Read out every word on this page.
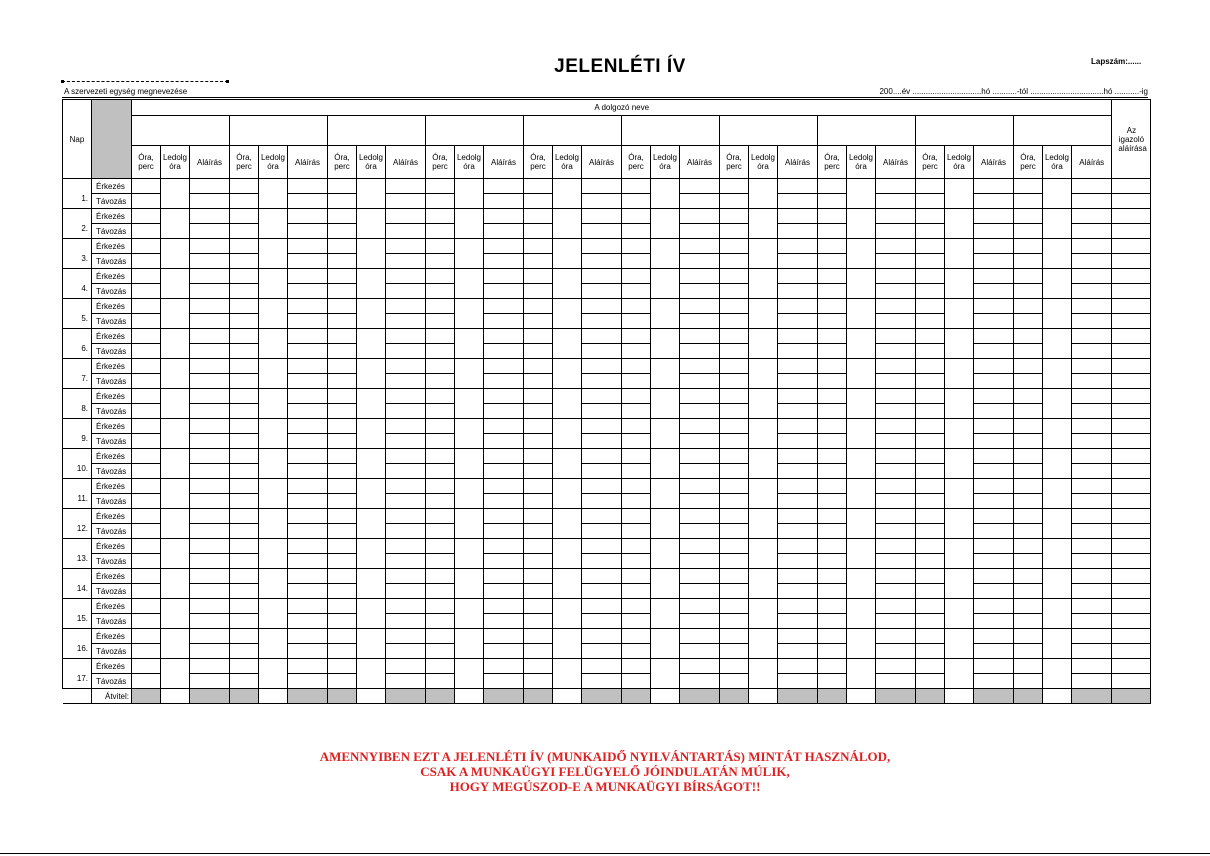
JELENLÉTI ÍV	Lapszám:......
A szervezeti egység megnevezése	200....év ...............................hó ...........-tól .................................hó ...........-ig
Nap		A dolgozó neve																														Az igazoló aláírása

		Óra, perc	Ledolg óra	Aláírás	Óra, perc	Ledolg óra	Aláírás	Óra, perc	Ledolg óra	Aláírás	Óra, perc	Ledolg óra	Aláírás	Óra, perc	Ledolg óra	Aláírás	Óra, perc	Ledolg óra	Aláírás	Óra, perc	Ledolg óra	Aláírás	Óra, perc	Ledolg óra	Aláírás	Óra, perc	Ledolg óra	Aláírás	Óra, perc	Ledolg óra	Aláírás	
1.	Érkezés																															
	Távozás																															
2.	Érkezés																															
	Távozás																															
3.	Érkezés																															
	Távozás																															
4.	Érkezés																															
	Távozás																															
5.	Érkezés																															
	Távozás																															
6.	Érkezés																															
	Távozás																															
7.	Érkezés																															
	Távozás																															
8.	Érkezés																															
	Távozás																															
9.	Érkezés																															
	Távozás																															
10.	Érkezés																															
	Távozás																															
11.	Érkezés																															
	Távozás																															
12.	Érkezés																															
	Távozás																															
13.	Érkezés																															
	Távozás																															
14.	Érkezés																															
	Távozás																															
15.	Érkezés																															
	Távozás																															
16.	Érkezés																															
	Távozás																															
17.	Érkezés																															
	Távozás																															
	Átvitel:																															
AMENNYIBEN EZT A JELENLÉTI ÍV (MUNKAIDŐ NYILVÁNTARTÁS) MINTÁT HASZNÁLOD,
CSAK A MUNKAÜGYI FELÜGYELŐ JÓINDULATÁN MÚLIK,
HOGY MEGÚSZOD-E A MUNKAÜGYI BÍRSÁGOT!!
